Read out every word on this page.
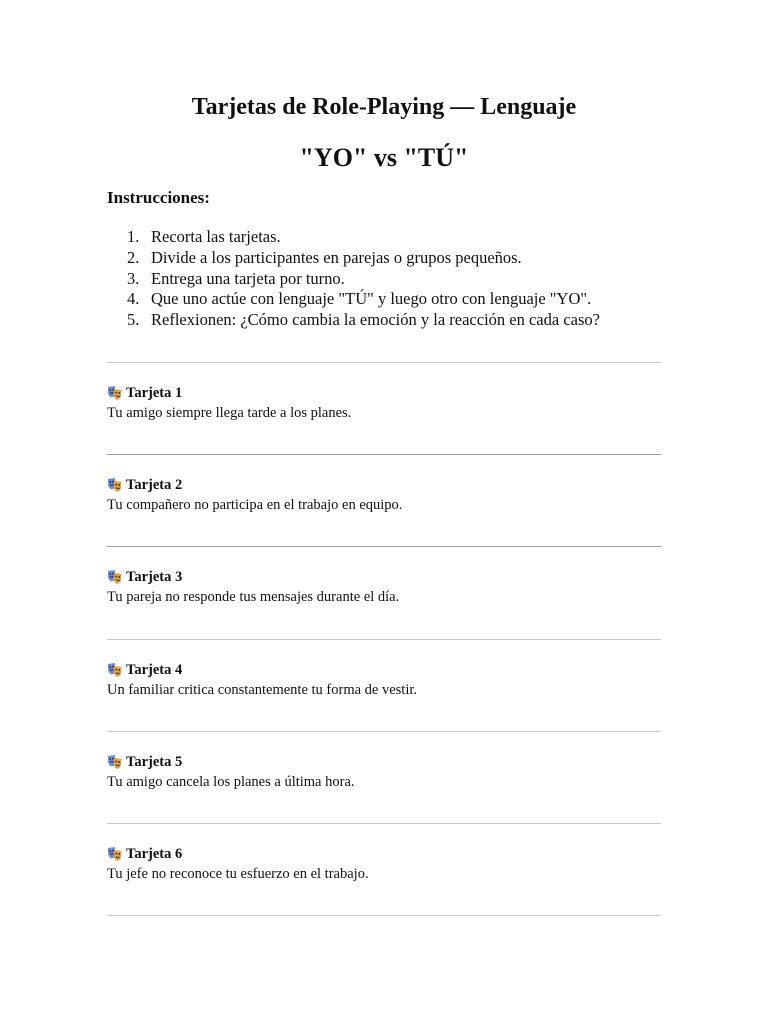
Tarjetas de Role-Playing — Lenguaje
"YO" vs "TÚ"

Instrucciones:

1. Recorta las tarjetas.
2. Divide a los participantes en parejas o grupos pequeños.
3. Entrega una tarjeta por turno.
4. Que uno actúe con lenguaje "TÚ" y luego otro con lenguaje "YO".
5. Reflexionen: ¿Cómo cambia la emoción y la reacción en cada caso?
Tarjeta 1
Tu amigo siempre llega tarde a los planes.
Tarjeta 2
Tu compañero no participa en el trabajo en equipo.
Tarjeta 3
Tu pareja no responde tus mensajes durante el día.
Tarjeta 4
Un familiar critica constantemente tu forma de vestir.
Tarjeta 5
Tu amigo cancela los planes a última hora.
Tarjeta 6
Tu jefe no reconoce tu esfuerzo en el trabajo.
